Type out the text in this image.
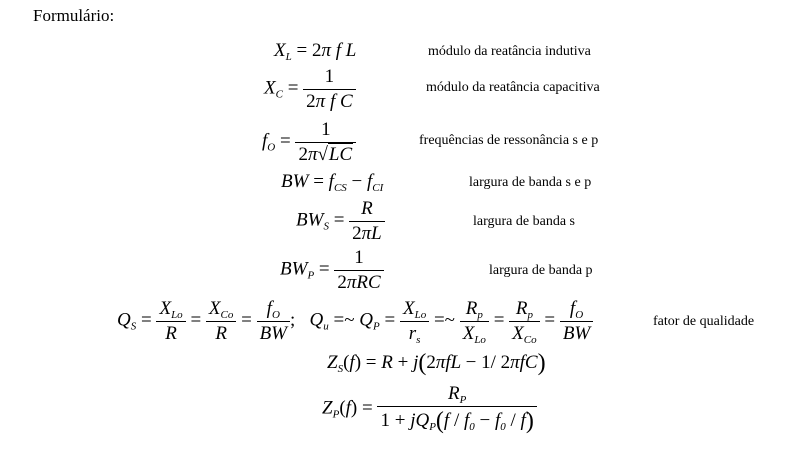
Formulário:
$X_L = 2\pi$ f L	módulo da reatância indutiva
$X_C = \frac{1}{\text{2π f C}}$	módulo da reatância capacitiva
$f_O = \frac{1}{2\pi√LC}$	frequências de ressonância s e p
BW = $f_{CS} - f_{CI}$	largura de banda s e p
$BW_S = \frac{R}{2\pi L}$	largura de banda s
$BW_P = \frac{1}{\text{2πRC}}$	largura de banda p
$Q_S = \frac{X_{Lo}}{R} = \frac{X_{Co}}{R} = \frac{f_O}{BW}$ ;   $Q_u$ =~ $Q_P = \frac{X_{Lo}}{r_s}$ =~ $\frac{R_p}{X_{Lo}} = \frac{R_p}{X_{Co}} = \frac{f_O}{BW}$	fator de qualidade
$Z_S(f) = R + j(2\pi fL - 1/$ 2πfC)
$Z_P(f) = \frac{R_P}{1 + jQ_P(f / f_0 - f_0 / f)}$
